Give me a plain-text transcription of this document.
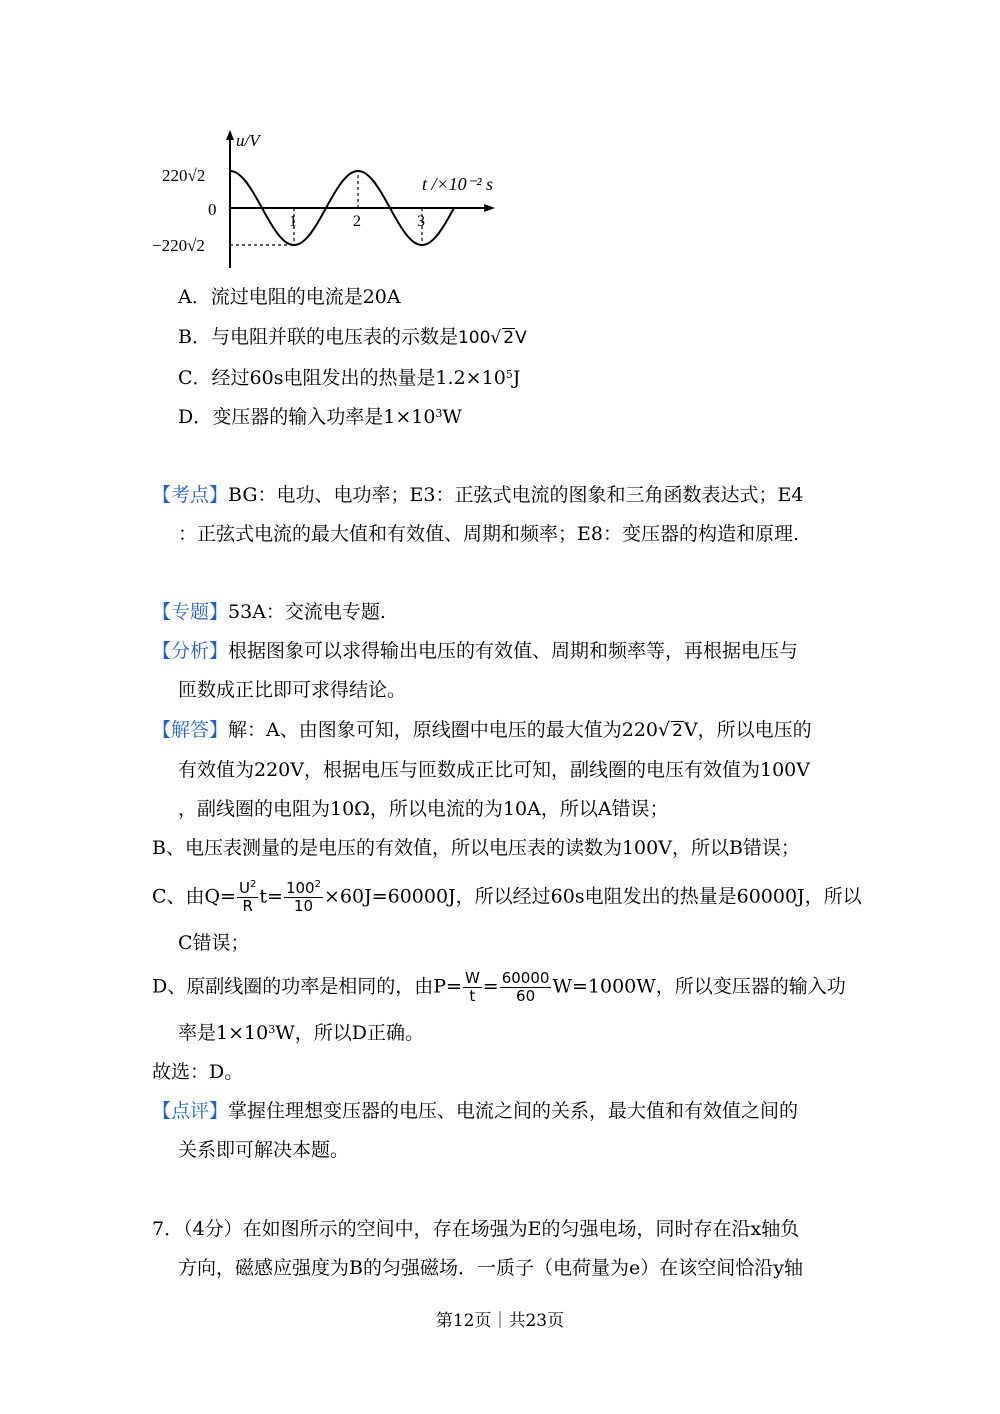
u/V
t /×10⁻² s
220√2
0
−220√2
1	2	3
A．流过电阻的电流是20A
B．与电阻并联的电压表的示数是100√ 2V
C．经过60s电阻发出的热量是$1.2\times 10^5J$
D．变压器的输入功率是$1\times 10^3W$
【考点】BG：电功、电功率；E3：正弦式电流的图象和三角函数表达式；E4
：正弦式电流的最大值和有效值、周期和频率；E8：变压器的构造和原理.
【专题】53A：交流电专题.
【分析】根据图象可以求得输出电压的有效值、周期和频率等，再根据电压与
匝数成正比即可求得结论。
【解答】解：A、由图象可知，原线圈中电压的最大值为220√ 2V，所以电压的
有效值为220V，根据电压与匝数成正比可知，副线圈的电压有效值为100V
，副线圈的电阻为10Ω，所以电流的为10A，所以A错误；
B、电压表测量的是电压的有效值，所以电压表的读数为100V，所以B错误；
C、由$Q= \frac{U^2}{R} t= \frac{100^2}{10} \times 60J=60000J$，所以经过60s电阻发出的热量是60000J，所以
C错误；
D、原副线圈的功率是相同的，由$P= \frac{W}{t} = \frac{60000}{60} W=1000W$，所以变压器的输入功
率是$1\times 10^3W$，所以D正确。
故选：D。
【点评】掌握住理想变压器的电压、电流之间的关系，最大值和有效值之间的
关系即可解决本题。
7．（4分）在如图所示的空间中，存在场强为E的匀强电场，同时存在沿x轴负
方向，磁感应强度为B的匀强磁场．一质子（电荷量为e）在该空间恰沿y轴
第12页｜共23页
